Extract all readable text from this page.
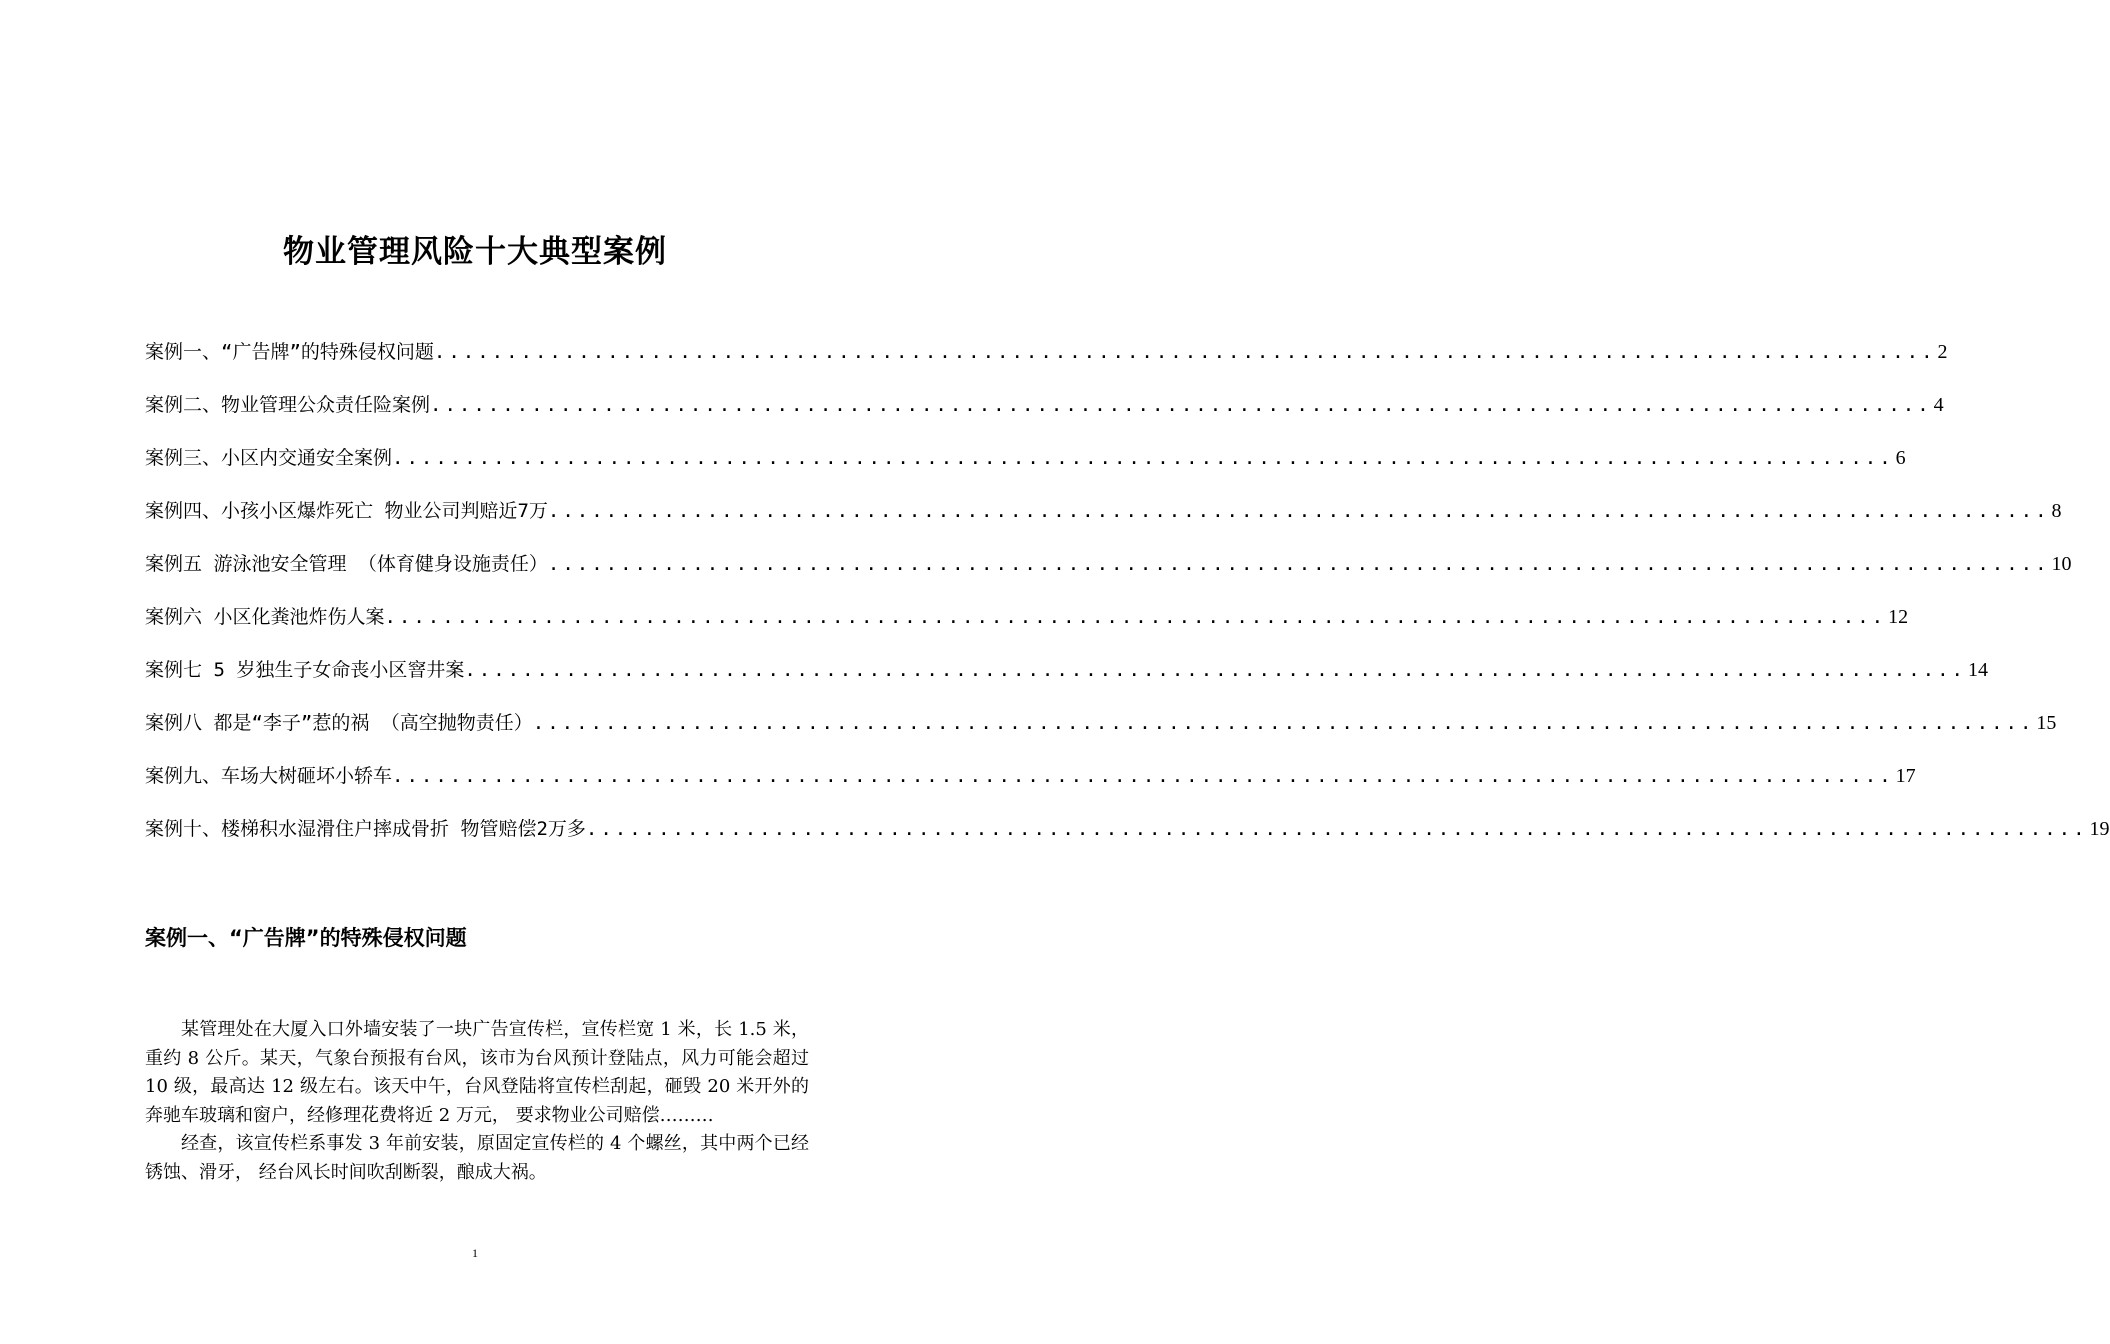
物业管理风险十大典型案例
案例一、“广告牌”的特殊侵权问题 ........................................................................................................ 2
案例二、物业管理公众责任险案例 ........................................................................................................ 4
案例三、小区内交通安全案例 ........................................................................................................ 6
案例四、小孩小区爆炸死亡 物业公司判赔近7万 ........................................................................................................ 8
案例五 游泳池安全管理 （体育健身设施责任） ........................................................................................................ 10
案例六 小区化粪池炸伤人案 ........................................................................................................ 12
案例七 5 岁独生子女命丧小区窨井案 ........................................................................................................ 14
案例八 都是“李子”惹的祸 （高空抛物责任） ........................................................................................................ 15
案例九、车场大树砸坏小轿车 ........................................................................................................ 17
案例十、楼梯积水湿滑住户摔成骨折 物管赔偿2万多 ........................................................................................................ 19
案例一、“广告牌”的特殊侵权问题

某管理处在大厦入口外墙安装了一块广告宣传栏，宣传栏宽 1 米，长 1.5 米，重约 8 公斤。某天，气象台预报有台风，该市为台风预计登陆点，风力可能会超过 10 级，最高达 12 级左右。该天中午，台风登陆将宣传栏刮起，砸毁 20 米开外的奔驰车玻璃和窗户，经修理花费将近 2 万元， 要求物业公司赔偿………

经查，该宣传栏系事发 3 年前安装，原固定宣传栏的 4 个螺丝，其中两个已经锈蚀、滑牙， 经台风长时间吹刮断裂，酿成大祸。

1
